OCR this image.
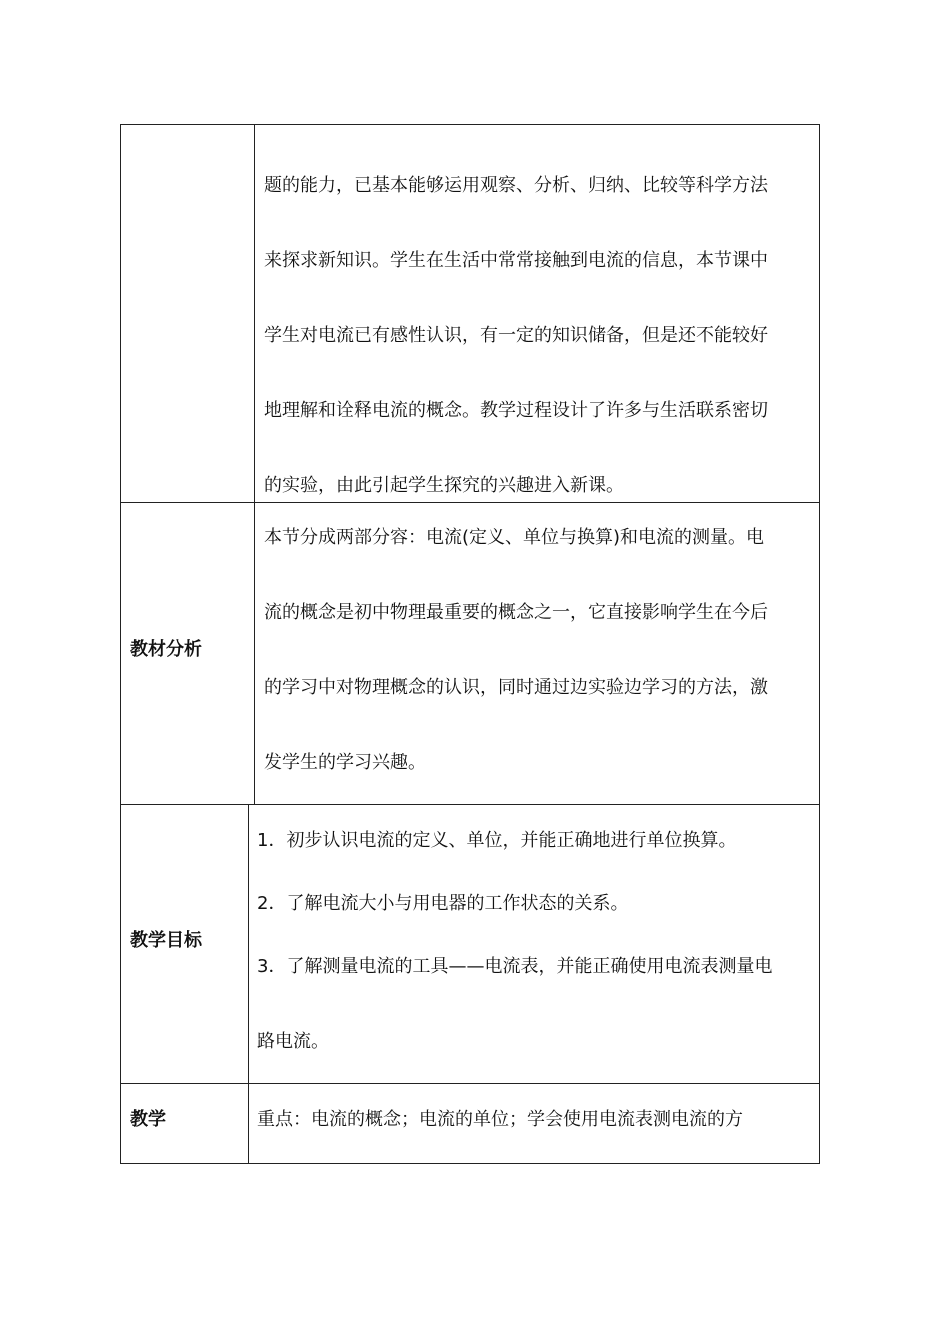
题的能力，已基本能够运用观察、分析、归纳、比较等科学方法

来探求新知识。学生在生活中常常接触到电流的信息，本节课中

学生对电流已有感性认识，有一定的知识储备，但是还不能较好

地理解和诠释电流的概念。教学过程设计了许多与生活联系密切

的实验，由此引起学生探究的兴趣进入新课。

教材分析

本节分成两部分容：电流(定义、单位与换算)和电流的测量。电

流的概念是初中物理最重要的概念之一，它直接影响学生在今后

的学习中对物理概念的认识，同时通过边实验边学习的方法，激

发学生的学习兴趣。

教学目标

1．初步认识电流的定义、单位，并能正确地进行单位换算。

2．了解电流大小与用电器的工作状态的关系。

3．了解测量电流的工具——电流表，并能正确使用电流表测量电

路电流。

教学	重点：电流的概念；电流的单位；学会使用电流表测电流的方
